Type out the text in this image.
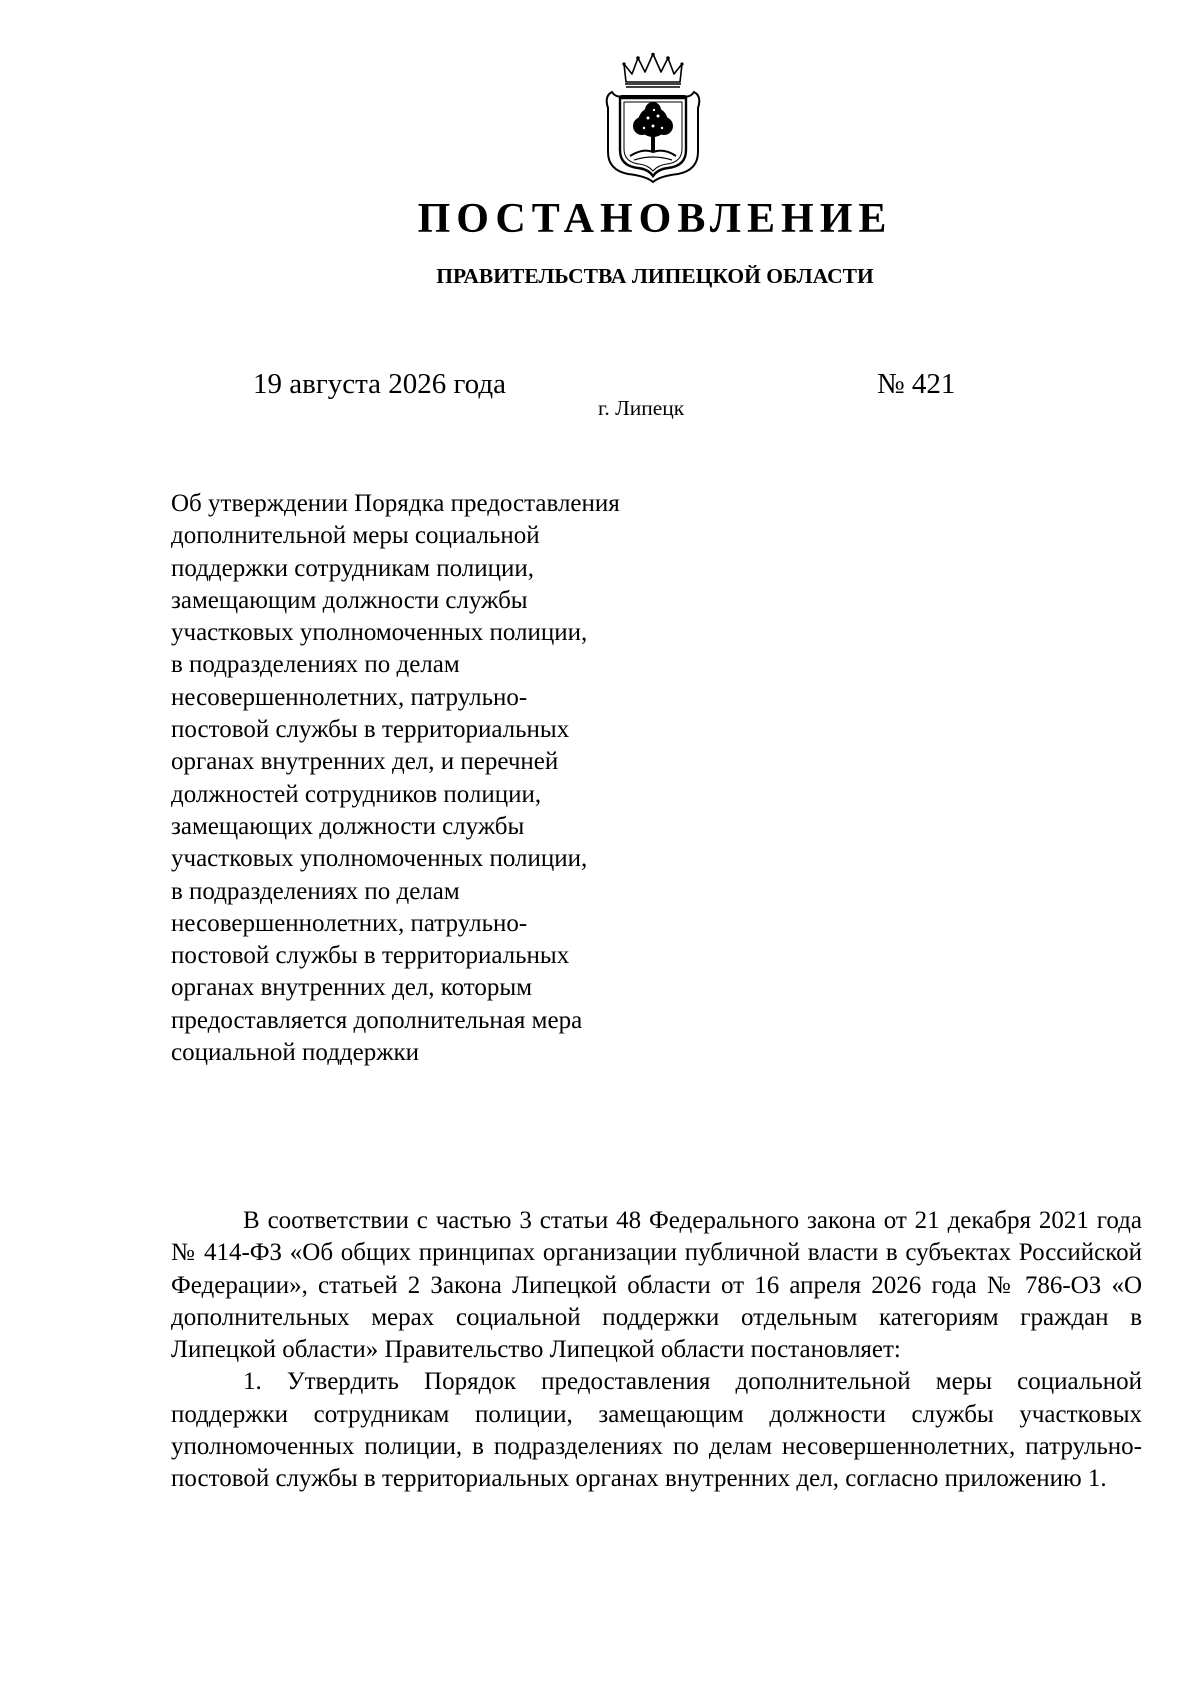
ПОСТАНОВЛЕНИЕ
ПРАВИТЕЛЬСТВА ЛИПЕЦКОЙ ОБЛАСТИ
19 августа 2026 года
г. Липецк
№ 421
Об утверждении Порядка предоставления
дополнительной меры социальной
поддержки сотрудникам полиции,
замещающим должности службы
участковых уполномоченных полиции,
в подразделениях по делам
несовершеннолетних, патрульно-
постовой службы в территориальных
органах внутренних дел, и перечней
должностей сотрудников полиции,
замещающих должности службы
участковых уполномоченных полиции,
в подразделениях по делам
несовершеннолетних, патрульно-
постовой службы в территориальных
органах внутренних дел, которым
предоставляется дополнительная мера
социальной поддержки

В соответствии с частью 3 статьи 48 Федерального закона от 21 декабря 2021 года № 414-ФЗ «Об общих принципах организации публичной власти в субъектах Российской Федерации», статьей 2 Закона Липецкой области от 16 апреля 2026 года № 786-ОЗ «О дополнительных мерах социальной поддержки отдельным категориям граждан в Липецкой области» Правительство Липецкой области постановляет:

1. Утвердить Порядок предоставления дополнительной меры социальной поддержки сотрудникам полиции, замещающим должности службы участковых уполномоченных полиции, в подразделениях по делам несовершеннолетних, патрульно-постовой службы в территориальных органах внутренних дел, согласно приложению 1.
